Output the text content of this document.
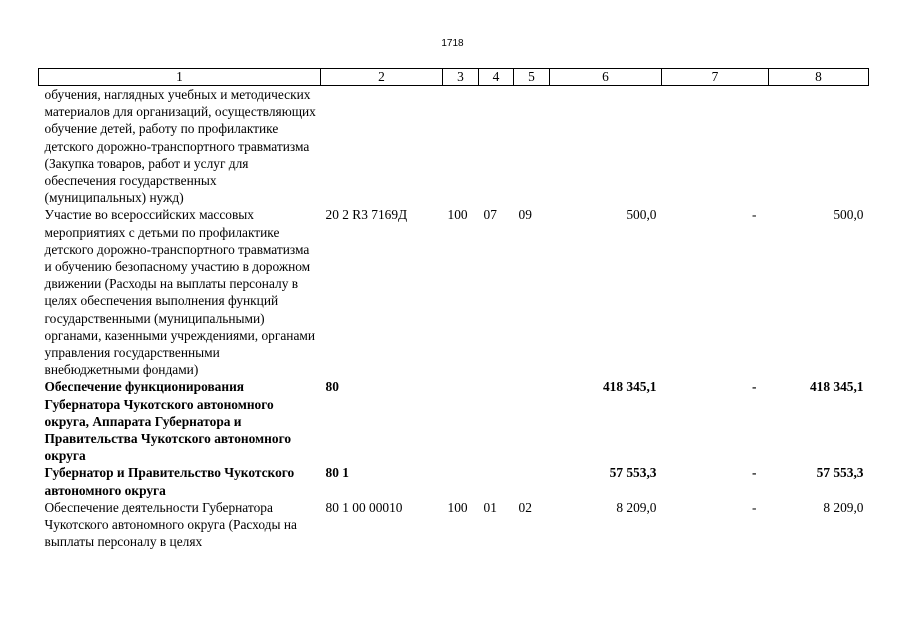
1718
1	2	3	4	5	6	7	8
обучения, наглядных учебных и методических материалов для организаций, осуществляющих обучение детей, работу по профилактике детского дорожно-транспортного травматизма (Закупка товаров, работ и услуг для обеспечения государственных (муниципальных) нужд)							
Участие во всероссийских массовых мероприятиях с детьми по профилактике детского дорожно-транспортного травматизма и обучению безопасному участию в дорожном движении (Расходы на выплаты персоналу в целях обеспечения выполнения функций государственными (муниципальными) органами, казенными учреждениями, органами управления государственными внебюджетными фондами)	20 2 R3 7169Д	100	07	09	500,0	-	500,0
Обеспечение функционирования Губернатора Чукотского автономного округа, Аппарата Губернатора и Правительства Чукотского автономного округа	80				418 345,1	-	418 345,1
Губернатор и Правительство Чукотского автономного округа	80 1				57 553,3	-	57 553,3
Обеспечение деятельности Губернатора Чукотского автономного округа (Расходы на выплаты персоналу в целях	80 1 00 00010	100	01	02	8 209,0	-	8 209,0
